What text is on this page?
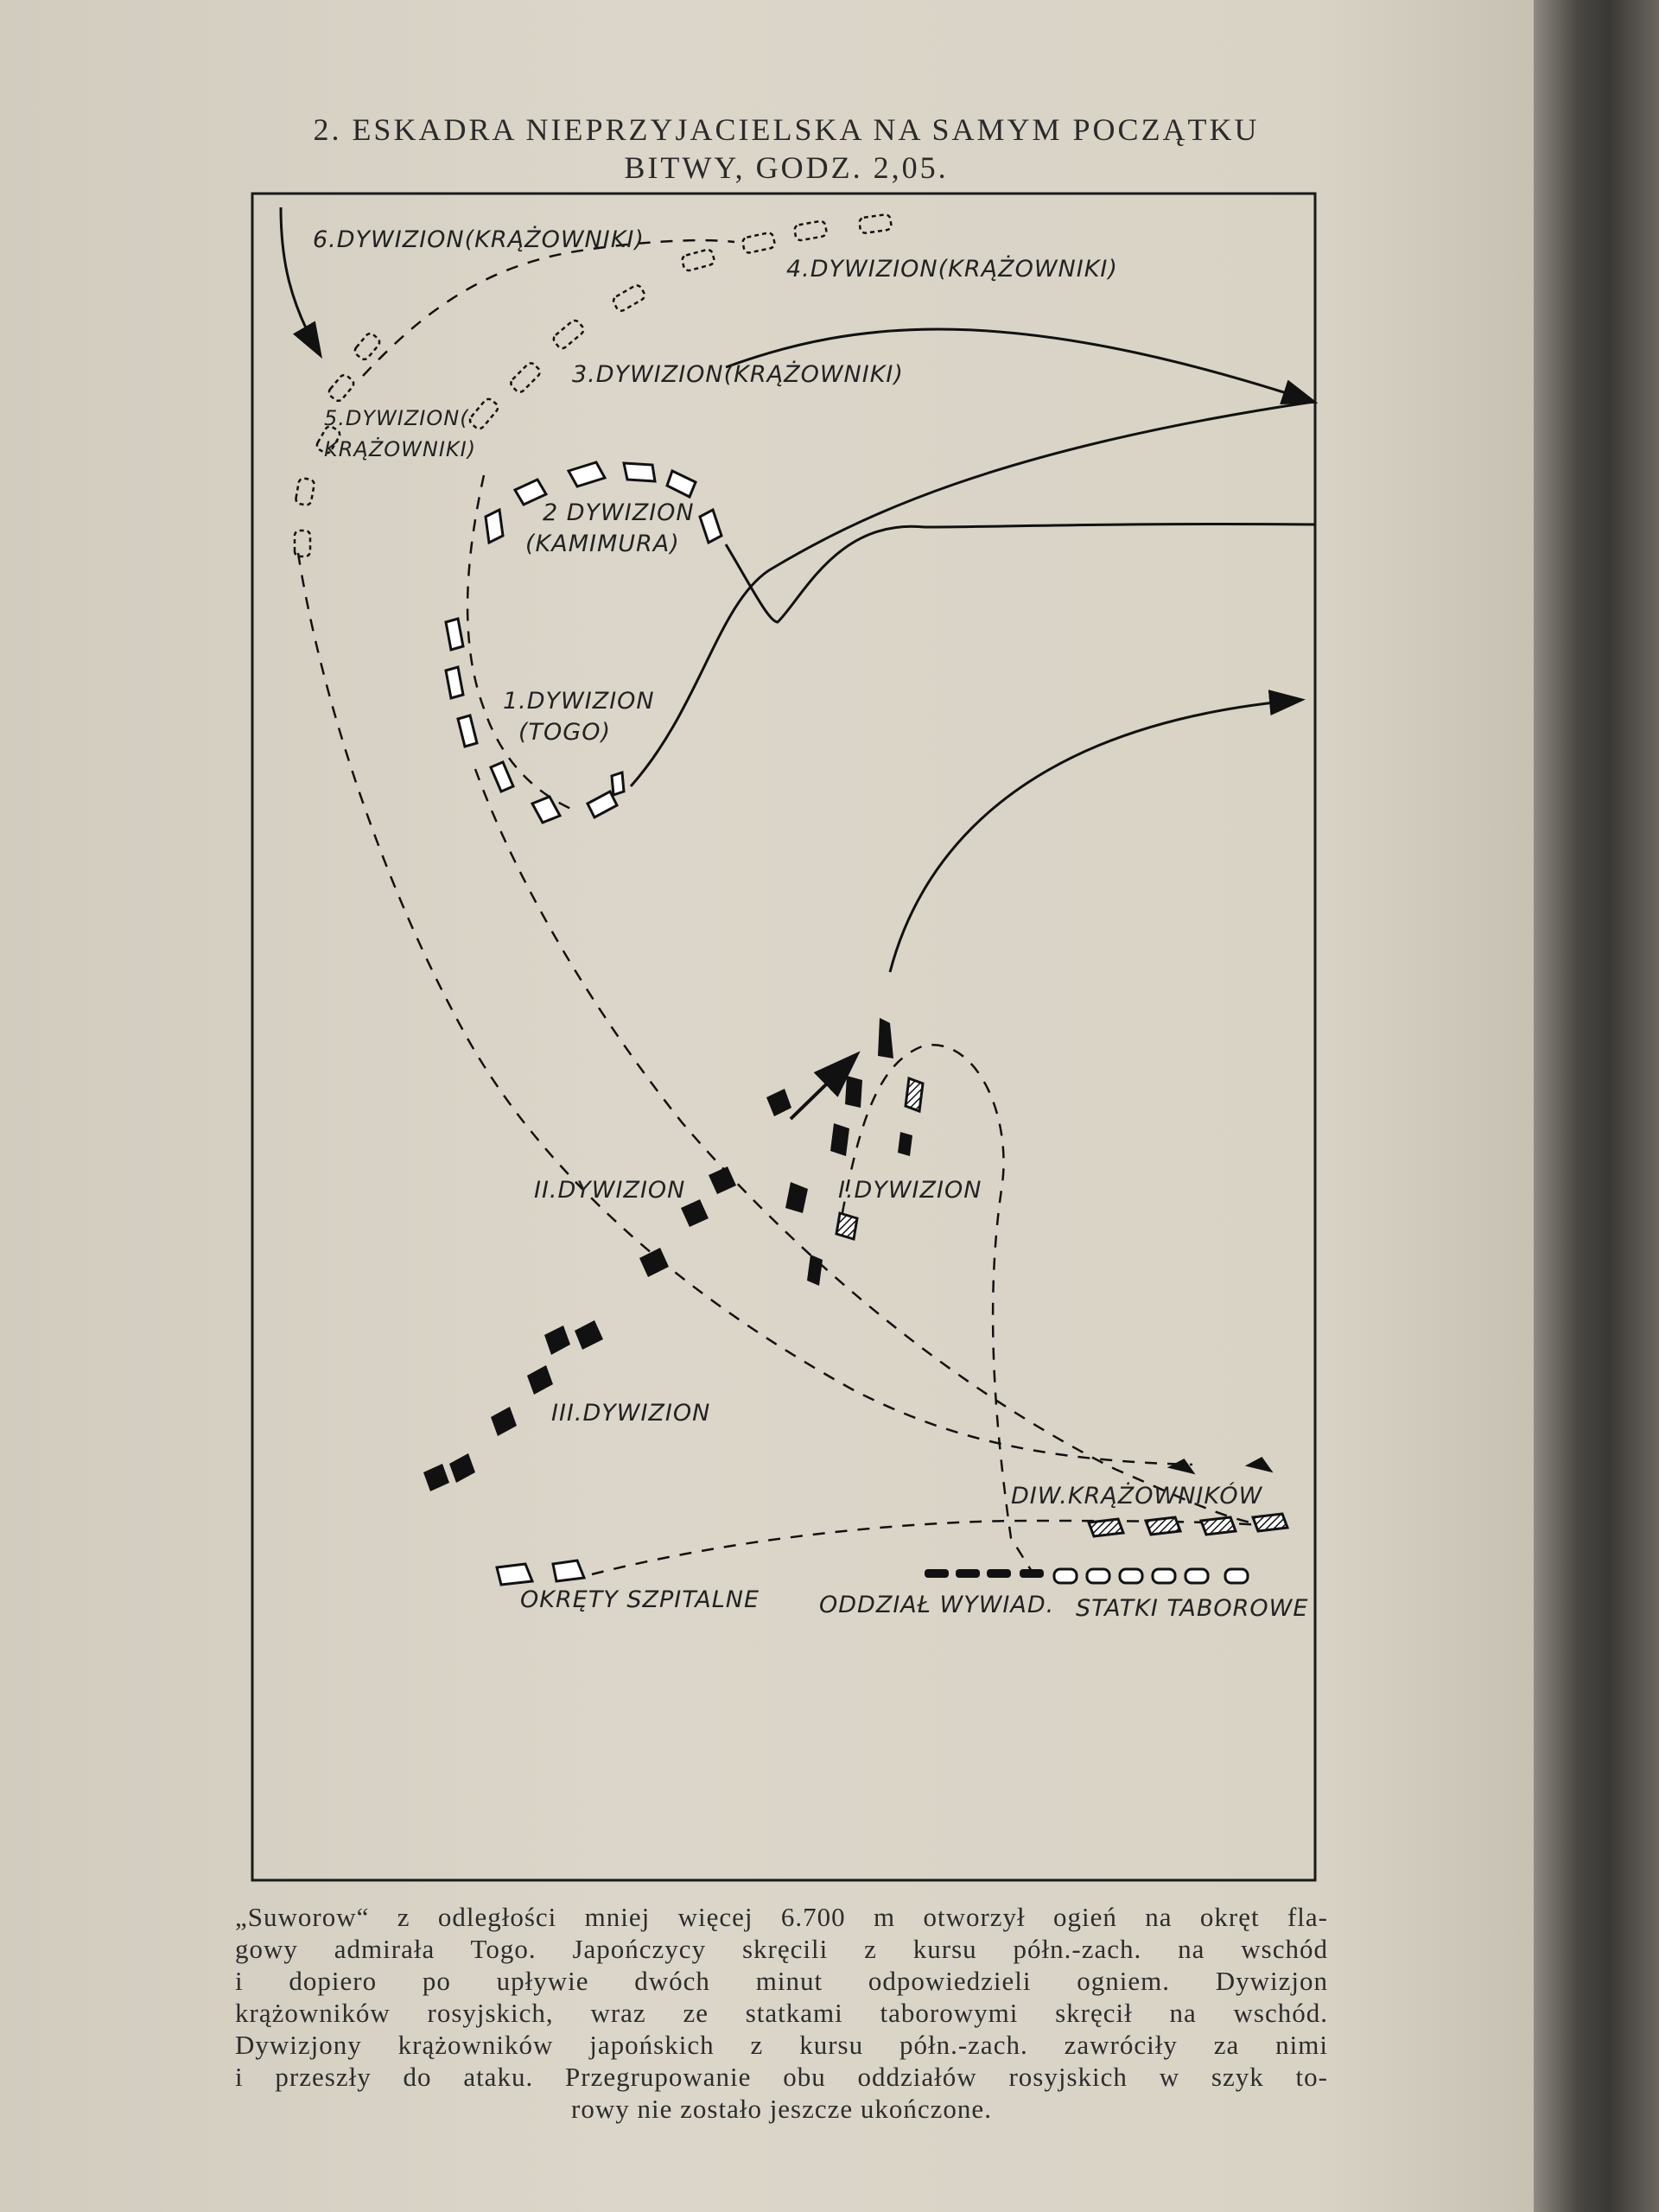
2. ESKADRA NIEPRZYJACIELSKA NA SAMYM POCZĄTKU
BITWY, GODZ. 2,05.
6.DYWIZION(KRĄŻOWNIKI)
4.DYWIZION(KRĄŻOWNIKI)
3.DYWIZION(KRĄŻOWNIKI)
5.DYWIZION(
KRĄŻOWNIKI)
2 DYWIZION
(KAMIMURA)
1.DYWIZION
(TOGO)
II.DYWIZION	I.DYWIZION
III.DYWIZION
DIW.KRĄŻOWNIKÓW
OKRĘTY SZPITALNE	ODDZIAŁ WYWIAD. STATKI TABOROWE
„Suworow“ z odległości mniej więcej 6.700 m otworzył ogień na okręt fla-
gowy admirała Togo. Japończycy skręcili z kursu półn.-zach. na wschód
i dopiero po upływie dwóch minut odpowiedzieli ogniem. Dywizjon
krążowników rosyjskich, wraz ze statkami taborowymi skręcił na wschód.
Dywizjony krążowników japońskich z kursu półn.-zach. zawróciły za nimi
i przeszły do ataku. Przegrupowanie obu oddziałów rosyjskich w szyk to-
rowy nie zostało jeszcze ukończone.
